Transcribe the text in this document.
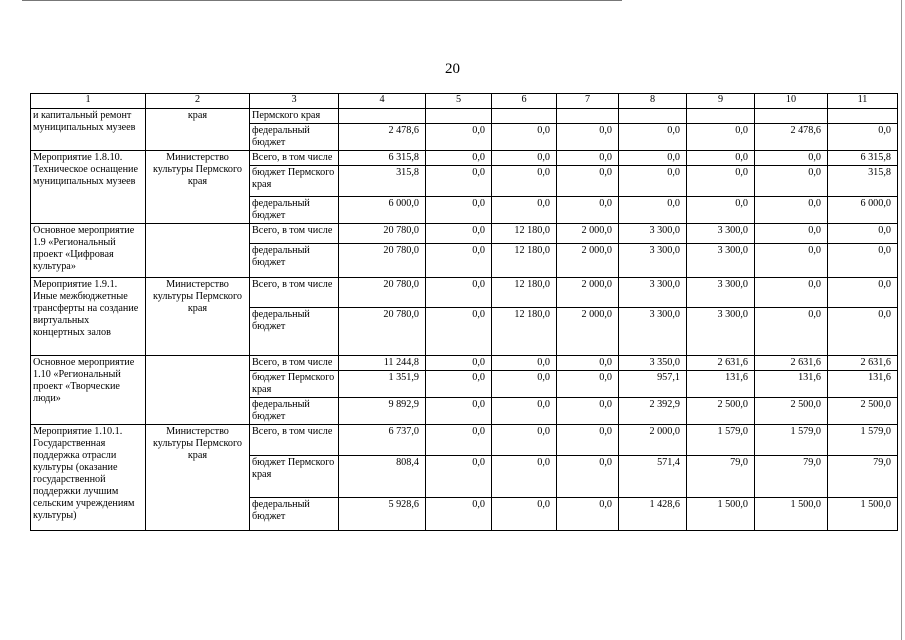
20
1	2	3	4	5	6	7	8	9	10	11
и капитальный ремонт муниципальных музеев	края	Пермского края								
		федеральный бюджет	2 478,6	0,0	0,0	0,0	0,0	0,0	2 478,6	0,0
Мероприятие 1.8.10. Техническое оснащение муниципальных музеев	Министерство культуры Пермского края	Всего, в том числе	6 315,8	0,0	0,0	0,0	0,0	0,0	0,0	6 315,8
		бюджет Пермского края	315,8	0,0	0,0	0,0	0,0	0,0	0,0	315,8
		федеральный бюджет	6 000,0	0,0	0,0	0,0	0,0	0,0	0,0	6 000,0
Основное мероприятие 1.9 «Региональный проект «Цифровая культура»		Всего, в том числе	20 780,0	0,0	12 180,0	2 000,0	3 300,0	3 300,0	0,0	0,0
		федеральный бюджет	20 780,0	0,0	12 180,0	2 000,0	3 300,0	3 300,0	0,0	0,0
Мероприятие 1.9.1. Иные межбюджетные трансферты на создание виртуальных концертных залов	Министерство культуры Пермского края	Всего, в том числе	20 780,0	0,0	12 180,0	2 000,0	3 300,0	3 300,0	0,0	0,0
		федеральный бюджет	20 780,0	0,0	12 180,0	2 000,0	3 300,0	3 300,0	0,0	0,0
Основное мероприятие 1.10 «Региональный проект «Творческие люди»		Всего, в том числе	11 244,8	0,0	0,0	0,0	3 350,0	2 631,6	2 631,6	2 631,6
		бюджет Пермского края	1 351,9	0,0	0,0	0,0	957,1	131,6	131,6	131,6
		федеральный бюджет	9 892,9	0,0	0,0	0,0	2 392,9	2 500,0	2 500,0	2 500,0
Мероприятие 1.10.1. Государственная поддержка отрасли культуры (оказание государственной поддержки лучшим сельским учреждениям культуры)	Министерство культуры Пермского края	Всего, в том числе	6 737,0	0,0	0,0	0,0	2 000,0	1 579,0	1 579,0	1 579,0
		бюджет Пермского края	808,4	0,0	0,0	0,0	571,4	79,0	79,0	79,0
		федеральный бюджет	5 928,6	0,0	0,0	0,0	1 428,6	1 500,0	1 500,0	1 500,0
